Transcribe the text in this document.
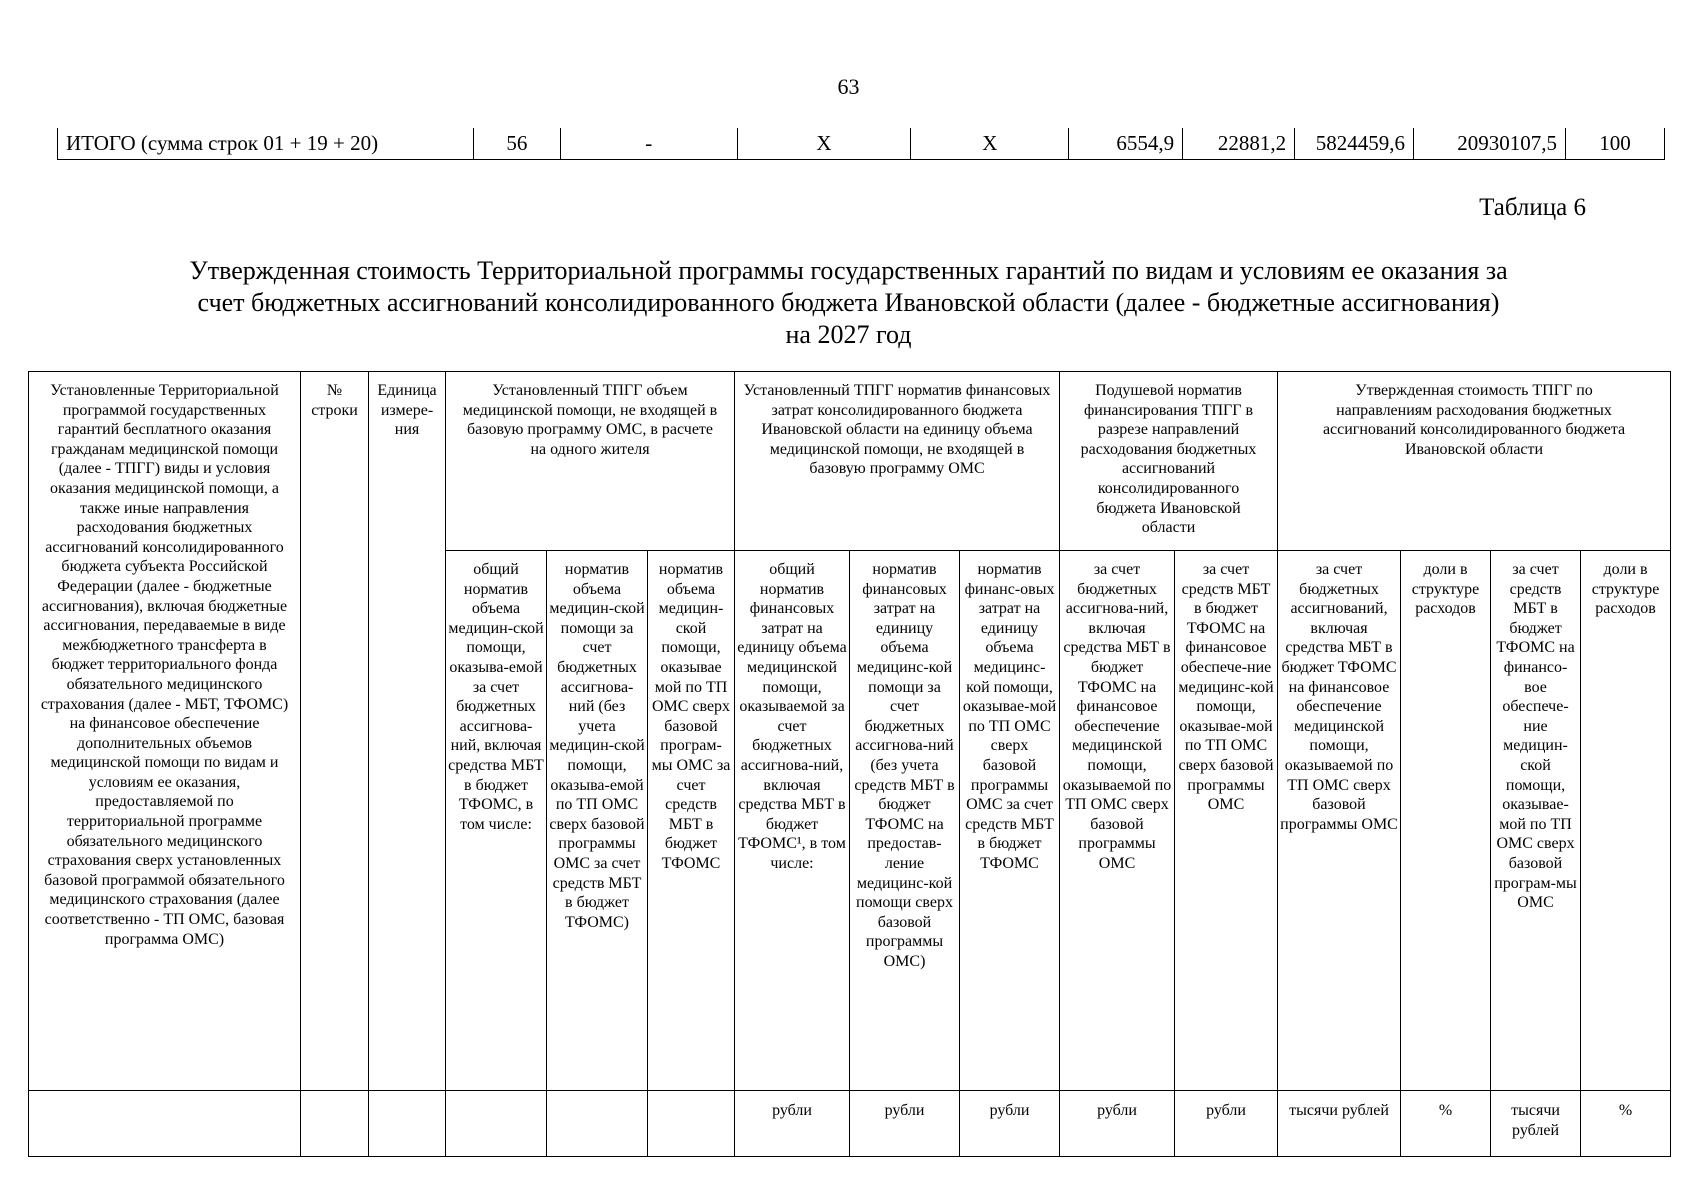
63
ИТОГО (сумма строк 01 + 19 + 20)	56	-	X	X	6554,9	22881,2	5824459,6	20930107,5	100
Таблица 6
Утвержденная стоимость Территориальной программы государственных гарантий по видам и условиям ее оказания за
счет бюджетных ассигнований консолидированного бюджета Ивановской области (далее - бюджетные ассигнования)
на 2027 год
Установленные Территориальной программой государственных гарантий бесплатного оказания гражданам медицинской помощи (далее - ТПГГ) виды и условия оказания медицинской помощи, а также иные направления расходования бюджетных ассигнований консолидированного бюджета субъекта Российской Федерации (далее - бюджетные ассигнования), включая бюджетные ассигнования, передаваемые в виде межбюджетного трансферта в бюджет территориального фонда обязательного медицинского страхования (далее - МБТ, ТФОМС) на финансовое обеспечение дополнительных объемов медицинской помощи по видам и условиям ее оказания, предоставляемой по территориальной программе обязательного медицинского страхования сверх установленных базовой программой обязательного медицинского страхования (далее соответственно - ТП ОМС, базовая программа ОМС)	№ строки	Единица измере-ния	Установленный ТПГГ объем медицинской помощи, не входящей в базовую программу ОМС, в расчете на одного жителя			Установленный ТПГГ норматив финансовых затрат консолидированного бюджета Ивановской области на единицу объема медицинской помощи, не входящей в базовую программу ОМС			Подушевой норматив финансирования ТПГГ в разрезе направлений расходования бюджетных ассигнований консолидированного бюджета Ивановской области		Утвержденная стоимость ТПГГ по направлениям расходования бюджетных ассигнований консолидированного бюджета Ивановской области			
			общий норматив объема медицин-ской помощи, оказыва-емой за счет бюджетных ассигнова-ний, включая средства МБТ в бюджет ТФОМС, в том числе:	норматив объема медицин-ской помощи за счет бюджетных ассигнова-ний (без учета медицин-ской помощи, оказыва-емой по ТП ОМС сверх базовой программы ОМС за счет средств МБТ в бюджет ТФОМС)	норматив объема медицин-ской помощи, оказывае мой по ТП ОМС сверх базовой програм-мы ОМС за счет средств МБТ в бюджет ТФОМС	общий норматив финансовых затрат на единицу объема медицинской помощи, оказываемой за счет бюджетных ассигнова-ний, включая средства МБТ в бюджет ТФОМС¹, в том числе:	норматив финансовых затрат на единицу объема медицинс-кой помощи за счет бюджетных ассигнова-ний (без учета средств МБТ в бюджет ТФОМС на предостав-ление медицинс-кой помощи сверх базовой программы ОМС)	норматив финанс-овых затрат на единицу объема медицинс-кой помощи, оказывае-мой по ТП ОМС сверх базовой программы ОМС за счет средств МБТ в бюджет ТФОМС	за счет бюджетных ассигнова-ний, включая средства МБТ в бюджет ТФОМС на финансовое обеспечение медицинской помощи, оказываемой по ТП ОМС сверх базовой программы ОМС	за счет средств МБТ в бюджет ТФОМС на финансовое обеспече-ние медицинс-кой помощи, оказывае-мой по ТП ОМС сверх базовой программы ОМС	за счет бюджетных ассигнований, включая средства МБТ в бюджет ТФОМС на финансовое обеспечение медицинской помощи, оказываемой по ТП ОМС сверх базовой программы ОМС	доли в структуре расходов	за счет средств МБТ в бюджет ТФОМС на финансо-вое обеспече-ние медицин-ской помощи, оказывае-мой по ТП ОМС сверх базовой програм-мы ОМС	доли в структуре расходов
						рубли	рубли	рубли	рубли	рубли	тысячи рублей	%	тысячи рублей	%
